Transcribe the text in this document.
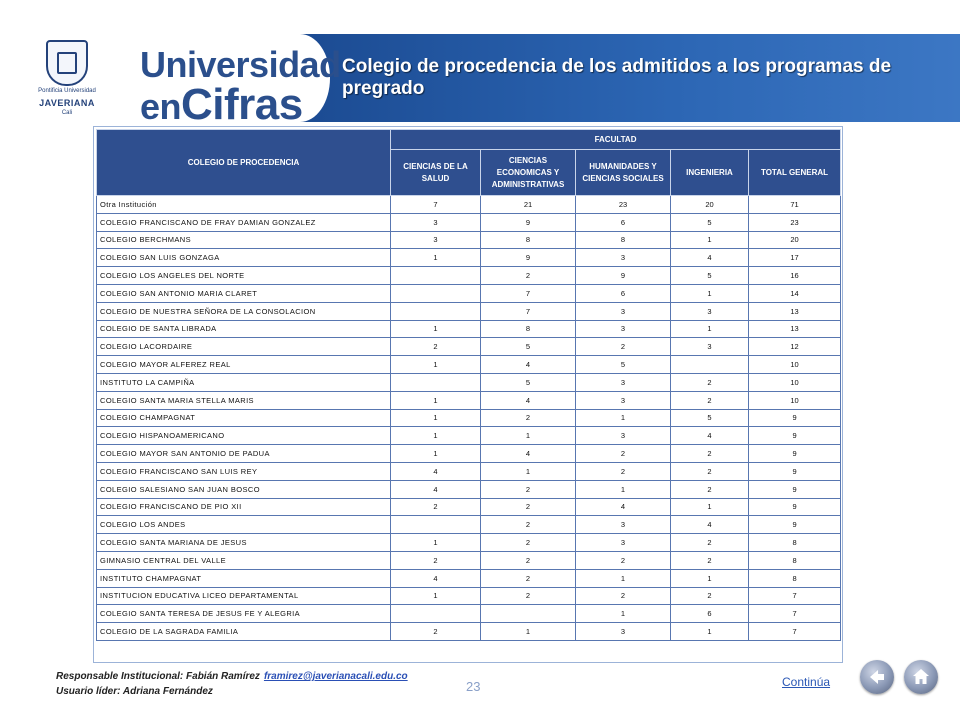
Pontificia Universidad
JAVERIANA
Cali
Universidad
enCifras
Colegio de procedencia de los admitidos a los programas de pregrado
COLEGIO DE PROCEDENCIA	FACULTAD				
	CIENCIAS DE LA SALUD	CIENCIAS ECONOMICAS Y ADMINISTRATIVAS	HUMANIDADES Y CIENCIAS SOCIALES	INGENIERIA	TOTAL GENERAL
Otra Institución	7	21	23	20	71
COLEGIO FRANCISCANO DE FRAY DAMIAN GONZALEZ	3	9	6	5	23
COLEGIO BERCHMANS	3	8	8	1	20
COLEGIO SAN LUIS GONZAGA	1	9	3	4	17
COLEGIO LOS ANGELES DEL NORTE		2	9	5	16
COLEGIO SAN ANTONIO MARIA CLARET		7	6	1	14
COLEGIO DE NUESTRA SEÑORA DE LA CONSOLACION		7	3	3	13
COLEGIO DE SANTA LIBRADA	1	8	3	1	13
COLEGIO LACORDAIRE	2	5	2	3	12
COLEGIO MAYOR ALFEREZ REAL	1	4	5		10
INSTITUTO LA CAMPIÑA		5	3	2	10
COLEGIO SANTA MARIA STELLA MARIS	1	4	3	2	10
COLEGIO CHAMPAGNAT	1	2	1	5	9
COLEGIO HISPANOAMERICANO	1	1	3	4	9
COLEGIO MAYOR SAN ANTONIO DE PADUA	1	4	2	2	9
COLEGIO FRANCISCANO SAN LUIS REY	4	1	2	2	9
COLEGIO SALESIANO SAN JUAN BOSCO	4	2	1	2	9
COLEGIO FRANCISCANO DE PIO XII	2	2	4	1	9
COLEGIO LOS ANDES		2	3	4	9
COLEGIO SANTA MARIANA DE JESUS	1	2	3	2	8
GIMNASIO CENTRAL DEL VALLE	2	2	2	2	8
INSTITUTO CHAMPAGNAT	4	2	1	1	8
INSTITUCION EDUCATIVA LICEO DEPARTAMENTAL	1	2	2	2	7
COLEGIO SANTA TERESA DE JESUS FE Y ALEGRIA			1	6	7
COLEGIO DE LA SAGRADA FAMILIA	2	1	3	1	7
Responsable Institucional: Fabián Ramírez framirez@javerianacali.edu.co
Usuario líder: Adriana Fernández	23	Continúa
